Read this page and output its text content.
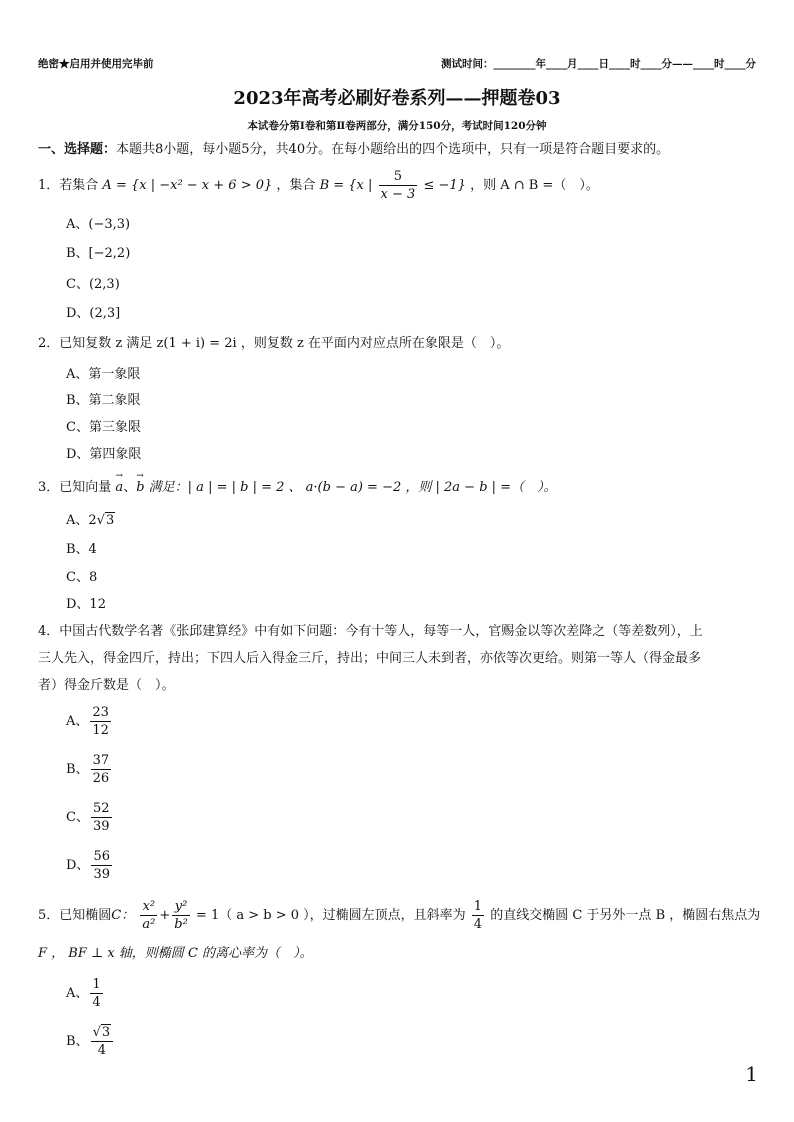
绝密★启用并使用完毕前	测试时间：________年____月____日____时____分——____时____分
2023年高考必刷好卷系列——押题卷03
本试卷分第Ⅰ卷和第Ⅱ卷两部分，满分150分，考试时间120分钟
一、选择题：本题共8小题，每小题5分，共40分。在每小题给出的四个选项中，只有一项是符合题目要求的。
1．若集合 A = {x | −x² − x + 6 > 0} ，集合 B = {x | $\frac{5}{x - 3} \le -1$} ，则 A ∩ B =（　）。
A、(−3,3)
B、[−2,2)
C、(2,3)
D、(2,3]
2．已知复数 z 满足 z(1 + i) = 2i ，则复数 z 在平面内对应点所在象限是（　）。
A、第一象限
B、第二象限
C、第三象限
D、第四象限
3．已知向量 → a、→ b 满足：| a | = | b | = 2 、 a·(b − a) = −2 ，则 | 2a − b | =（　）。
A、2√3
B、4
C、8
D、12
4．中国古代数学名著《张邱建算经》中有如下问题：今有十等人，每等一人，官赐金以等次差降之（等差数列），上
三人先入，得金四斤，持出；下四人后入得金三斤，持出；中间三人未到者，亦依等次更给。则第一等人（得金最多
者）得金斤数是（　）。
A、 $\frac{23}{12}$
B、 $\frac{37}{26}$
C、 $\frac{52}{39}$
D、 $\frac{56}{39}$
5．已知椭圆C： $\frac{\text{x²}}{\text{a²}} + \frac{\text{y²}}{\text{b²}} = 1$（ a > b > 0 ），过椭圆左顶点，且斜率为 $\frac{1}{4}$ 的直线交椭圆 C 于另外一点 B ，椭圆右焦点为
F ， BF ⊥ x 轴，则椭圆 C 的离心率为（　）。
A、 $\frac{1}{4}$
B、 $\frac{√3}{4}$
1
